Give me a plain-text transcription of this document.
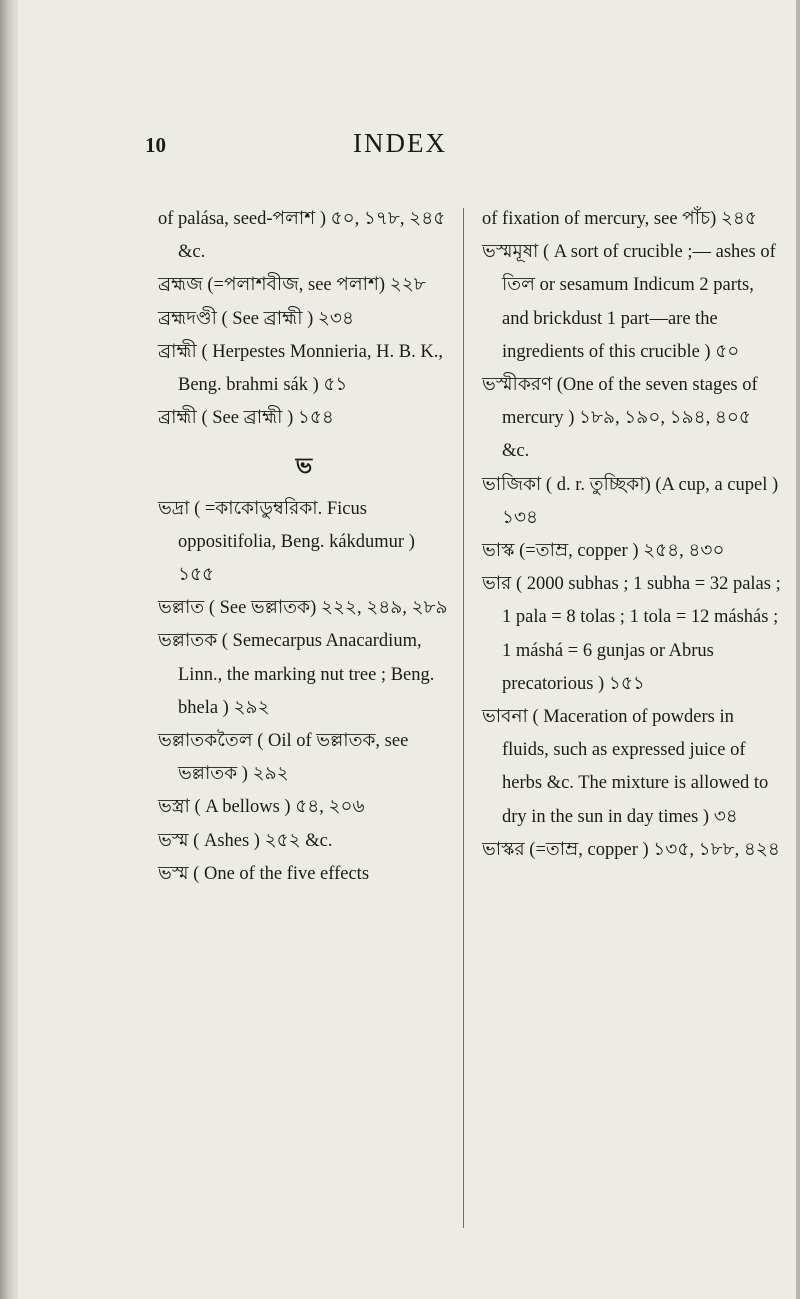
10	INDEX

of palása, seed-পলাশ ) ৫০, ১৭৮, ২৪৫ &c.

ব্রহ্মজ (=পলাশবীজ, see পলাশ) ২২৮

ব্রহ্মদণ্ডী ( See ব্রাহ্মী ) ২৩৪

ব্রাহ্মী ( Herpestes Monnieria, H. B. K., Beng. brahmi sák ) ৫১

ব্রাহ্মী ( See ব্রাহ্মী ) ১৫৪

ভ

ভদ্রা ( =কাকোডুম্বরিকা. Ficus oppositifolia, Beng. kákdumur ) ১৫৫

ভল্লাত ( See ভল্লাতক) ২২২, ২৪৯, ২৮৯

ভল্লাতক ( Semecarpus Anacardium, Linn., the marking nut tree ; Beng. bhela ) ২৯২

ভল্লাতকতৈল ( Oil of ভল্লাতক, see ভল্লাতক ) ২৯২

ভস্ত্রা ( A bellows ) ৫৪, ২০৬

ভস্ম ( Ashes ) ২৫২ &c.

ভস্ম ( One of the five effects

of fixation of mercury, see পাঁচ) ২৪৫

ভস্মমূষা ( A sort of crucible ;— ashes of তিল or sesamum Indicum 2 parts, and brickdust 1 part—are the ingredients of this crucible ) ৫০

ভস্মীকরণ (One of the seven stages of mercury ) ১৮৯, ১৯০, ১৯৪, ৪০৫ &c.

ভাজিকা ( d. r. তুচ্ছিকা) (A cup, a cupel ) ১৩৪

ভাস্ক (=তাম্র, copper ) ২৫৪, ৪৩০

ভার ( 2000 subhas ; 1 subha = 32 palas ; 1 pala = 8 tolas ; 1 tola = 12 máshás ; 1 máshá = 6 gunjas or Abrus precatorious ) ১৫১

ভাবনা ( Maceration of powders in fluids, such as expressed juice of herbs &c. The mixture is allowed to dry in the sun in day times ) ৩৪

ভাস্কর (=তাম্র, copper ) ১৩৫, ১৮৮, ৪২৪
